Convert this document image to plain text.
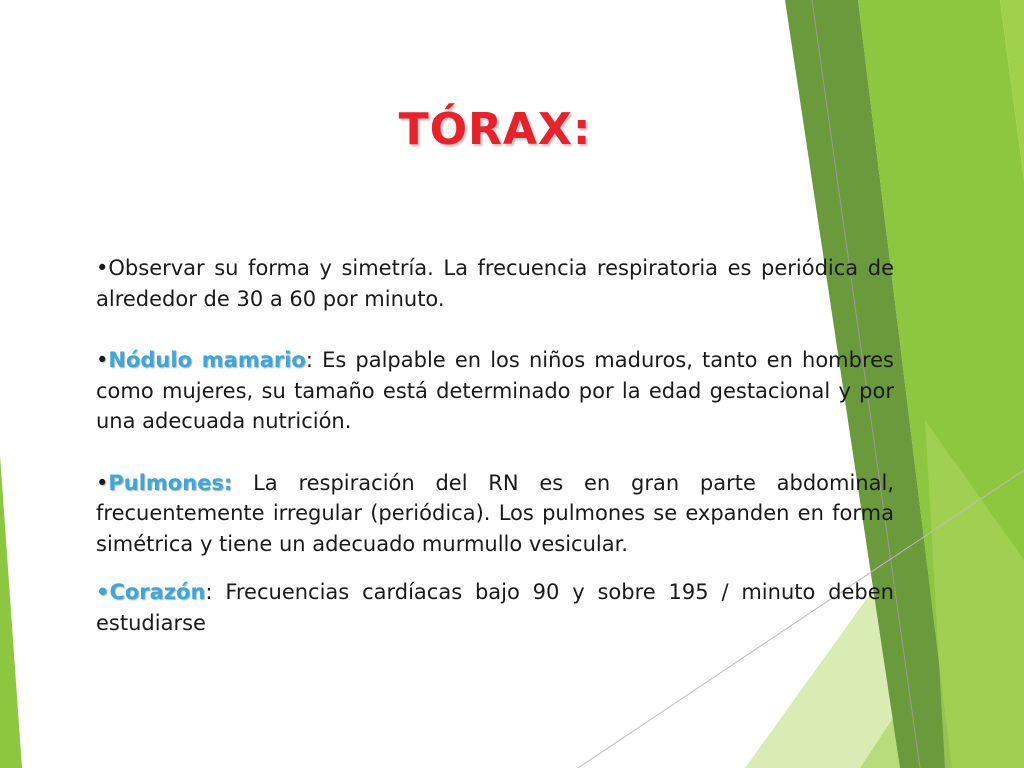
TÓRAX:

•Observar su forma y simetría. La frecuencia respiratoria es periódica de alrededor de 30 a 60 por minuto.

•Nódulo mamario: Es palpable en los niños maduros, tanto en hombres como mujeres, su tamaño está determinado por la edad gestacional y por una adecuada nutrición.

•Pulmones: La respiración del RN es en gran parte abdominal, frecuentemente irregular (periódica). Los pulmones se expanden en forma simétrica y tiene un adecuado murmullo vesicular.

•Corazón: Frecuencias cardíacas bajo 90 y sobre 195 / minuto deben estudiarse
